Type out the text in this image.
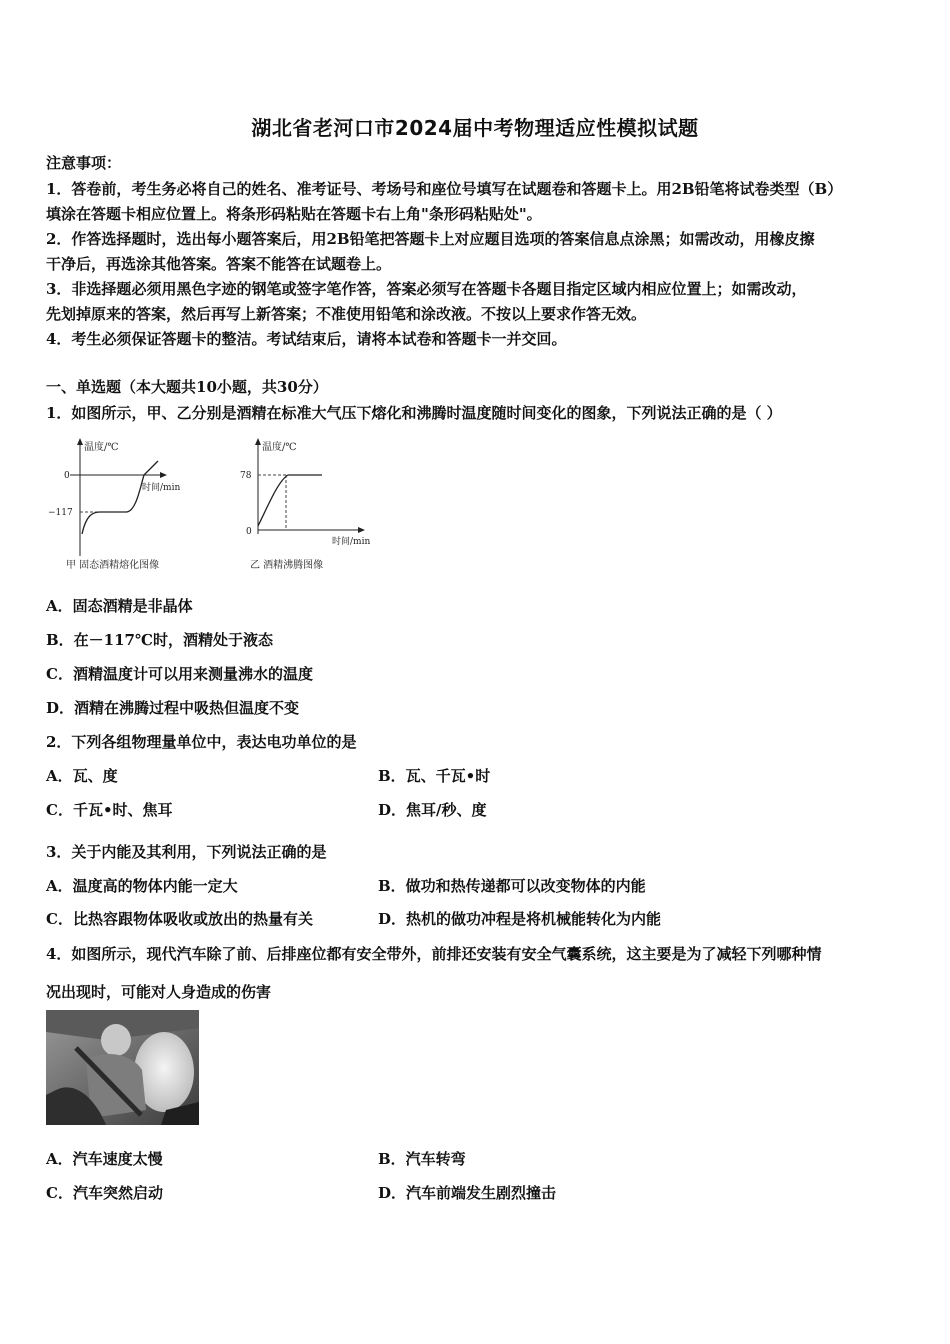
湖北省老河口市2024届中考物理适应性模拟试题
注意事项：
1．答卷前，考生务必将自己的姓名、准考证号、考场号和座位号填写在试题卷和答题卡上。用2B铅笔将试卷类型（B）
填涂在答题卡相应位置上。将条形码粘贴在答题卡右上角"条形码粘贴处"。
2．作答选择题时，选出每小题答案后，用2B铅笔把答题卡上对应题目选项的答案信息点涂黑；如需改动，用橡皮擦
干净后，再选涂其他答案。答案不能答在试题卷上。
3．非选择题必须用黑色字迹的钢笔或签字笔作答，答案必须写在答题卡各题目指定区域内相应位置上；如需改动，
先划掉原来的答案，然后再写上新答案；不准使用铅笔和涂改液。不按以上要求作答无效。
4．考生必须保证答题卡的整洁。考试结束后，请将本试卷和答题卡一并交回。
一、单选题（本大题共10小题，共30分）
1．如图所示，甲、乙分别是酒精在标准大气压下熔化和沸腾时温度随时间变化的图象，下列说法正确的是（ ）
温度/℃
时间/min
0
−117
甲 固态酒精熔化图像
温度/℃
时间/min
78
0
乙 酒精沸腾图像
A．固态酒精是非晶体
B．在－117℃时，酒精处于液态
C．酒精温度计可以用来测量沸水的温度
D．酒精在沸腾过程中吸热但温度不变
2．下列各组物理量单位中，表达电功单位的是
A．瓦、度	B．瓦、千瓦•时
C．千瓦•时、焦耳	D．焦耳/秒、度
3．关于内能及其利用，下列说法正确的是
A．温度高的物体内能一定大	B．做功和热传递都可以改变物体的内能
C．比热容跟物体吸收或放出的热量有关	D．热机的做功冲程是将机械能转化为内能
4．如图所示，现代汽车除了前、后排座位都有安全带外，前排还安装有安全气囊系统，这主要是为了减轻下列哪种情
况出现时，可能对人身造成的伤害
A．汽车速度太慢	B．汽车转弯
C．汽车突然启动	D．汽车前端发生剧烈撞击
